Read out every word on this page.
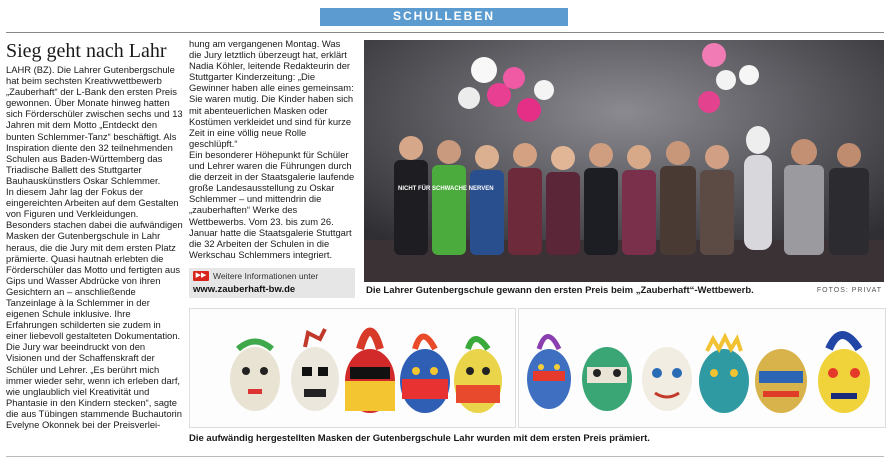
SCHULLEBEN
Sieg geht nach Lahr

LAHR (BZ). Die Lahrer Gutenbergschule hat beim sechsten Kreativwettbewerb „Zauberhaft“ der L-Bank den ersten Preis gewonnen. Über Monate hinweg hatten sich Förderschüler zwischen sechs und 13 Jahren mit dem Motto „Entdeckt den bunten Schlemmer-Tanz“ beschäftigt. Als Inspiration diente den 32 teilnehmenden Schulen aus Baden-Württemberg das Triadische Ballett des Stuttgarter Bauhauskünstlers Oskar Schlemmer.

In diesem Jahr lag der Fokus der eingereichten Arbeiten auf dem Gestalten von Figuren und Verkleidungen. Besonders stachen dabei die aufwändigen Masken der Gutenbergschule in Lahr heraus, die die Jury mit dem ersten Platz prämierte. Quasi hautnah erlebten die Förderschüler das Motto und fertigten aus Gips und Wasser Abdrücke von ihren Gesichtern an – anschließende Tanzeinlage à la Schlemmer in der eigenen Schule inklusive. Ihre Erfahrungen schilderten sie zudem in einer liebevoll gestalteten Dokumentation.

Die Jury war beeindruckt von den Visionen und der Schaffenskraft der Schüler und Lehrer. „Es berührt mich immer wieder sehr, wenn ich erleben darf, wie unglaublich viel Kreativität und Phantasie in den Kindern stecken“, sagte die aus Tübingen stammende Buchautorin Evelyne Okonnek bei der Preisverlei-

hung am vergangenen Montag. Was die Jury letztlich überzeugt hat, erklärt Nadia Köhler, leitende Redakteurin der Stuttgarter Kinderzeitung: „Die Gewinner haben alle eines gemeinsam: Sie waren mutig. Die Kinder haben sich mit abenteuerlichen Masken oder Kostümen verkleidet und sind für kurze Zeit in eine völlig neue Rolle geschlüpft.“

Ein besonderer Höhepunkt für Schüler und Lehrer waren die Führungen durch die derzeit in der Staatsgalerie laufende große Landesausstellung zu Oskar Schlemmer – und mittendrin die „zauberhaften“ Werke des Wettbewerbs. Vom 23. bis zum 26. Januar hatte die Staatsgalerie Stuttgart die 32 Arbeiten der Schulen in die Werkschau Schlemmers integriert.

▶▶ Weitere Informationen unter
www.zauberhaft-bw.de
NICHT FÜR SCHWACHE NERVEN
Die Lahrer Gutenbergschule gewann den ersten Preis beim „Zauberhaft“-Wettbewerb.	FOTOS: PRIVAT
Die aufwändig hergestellten Masken der Gutenbergschule Lahr wurden mit dem ersten Preis prämiert.
